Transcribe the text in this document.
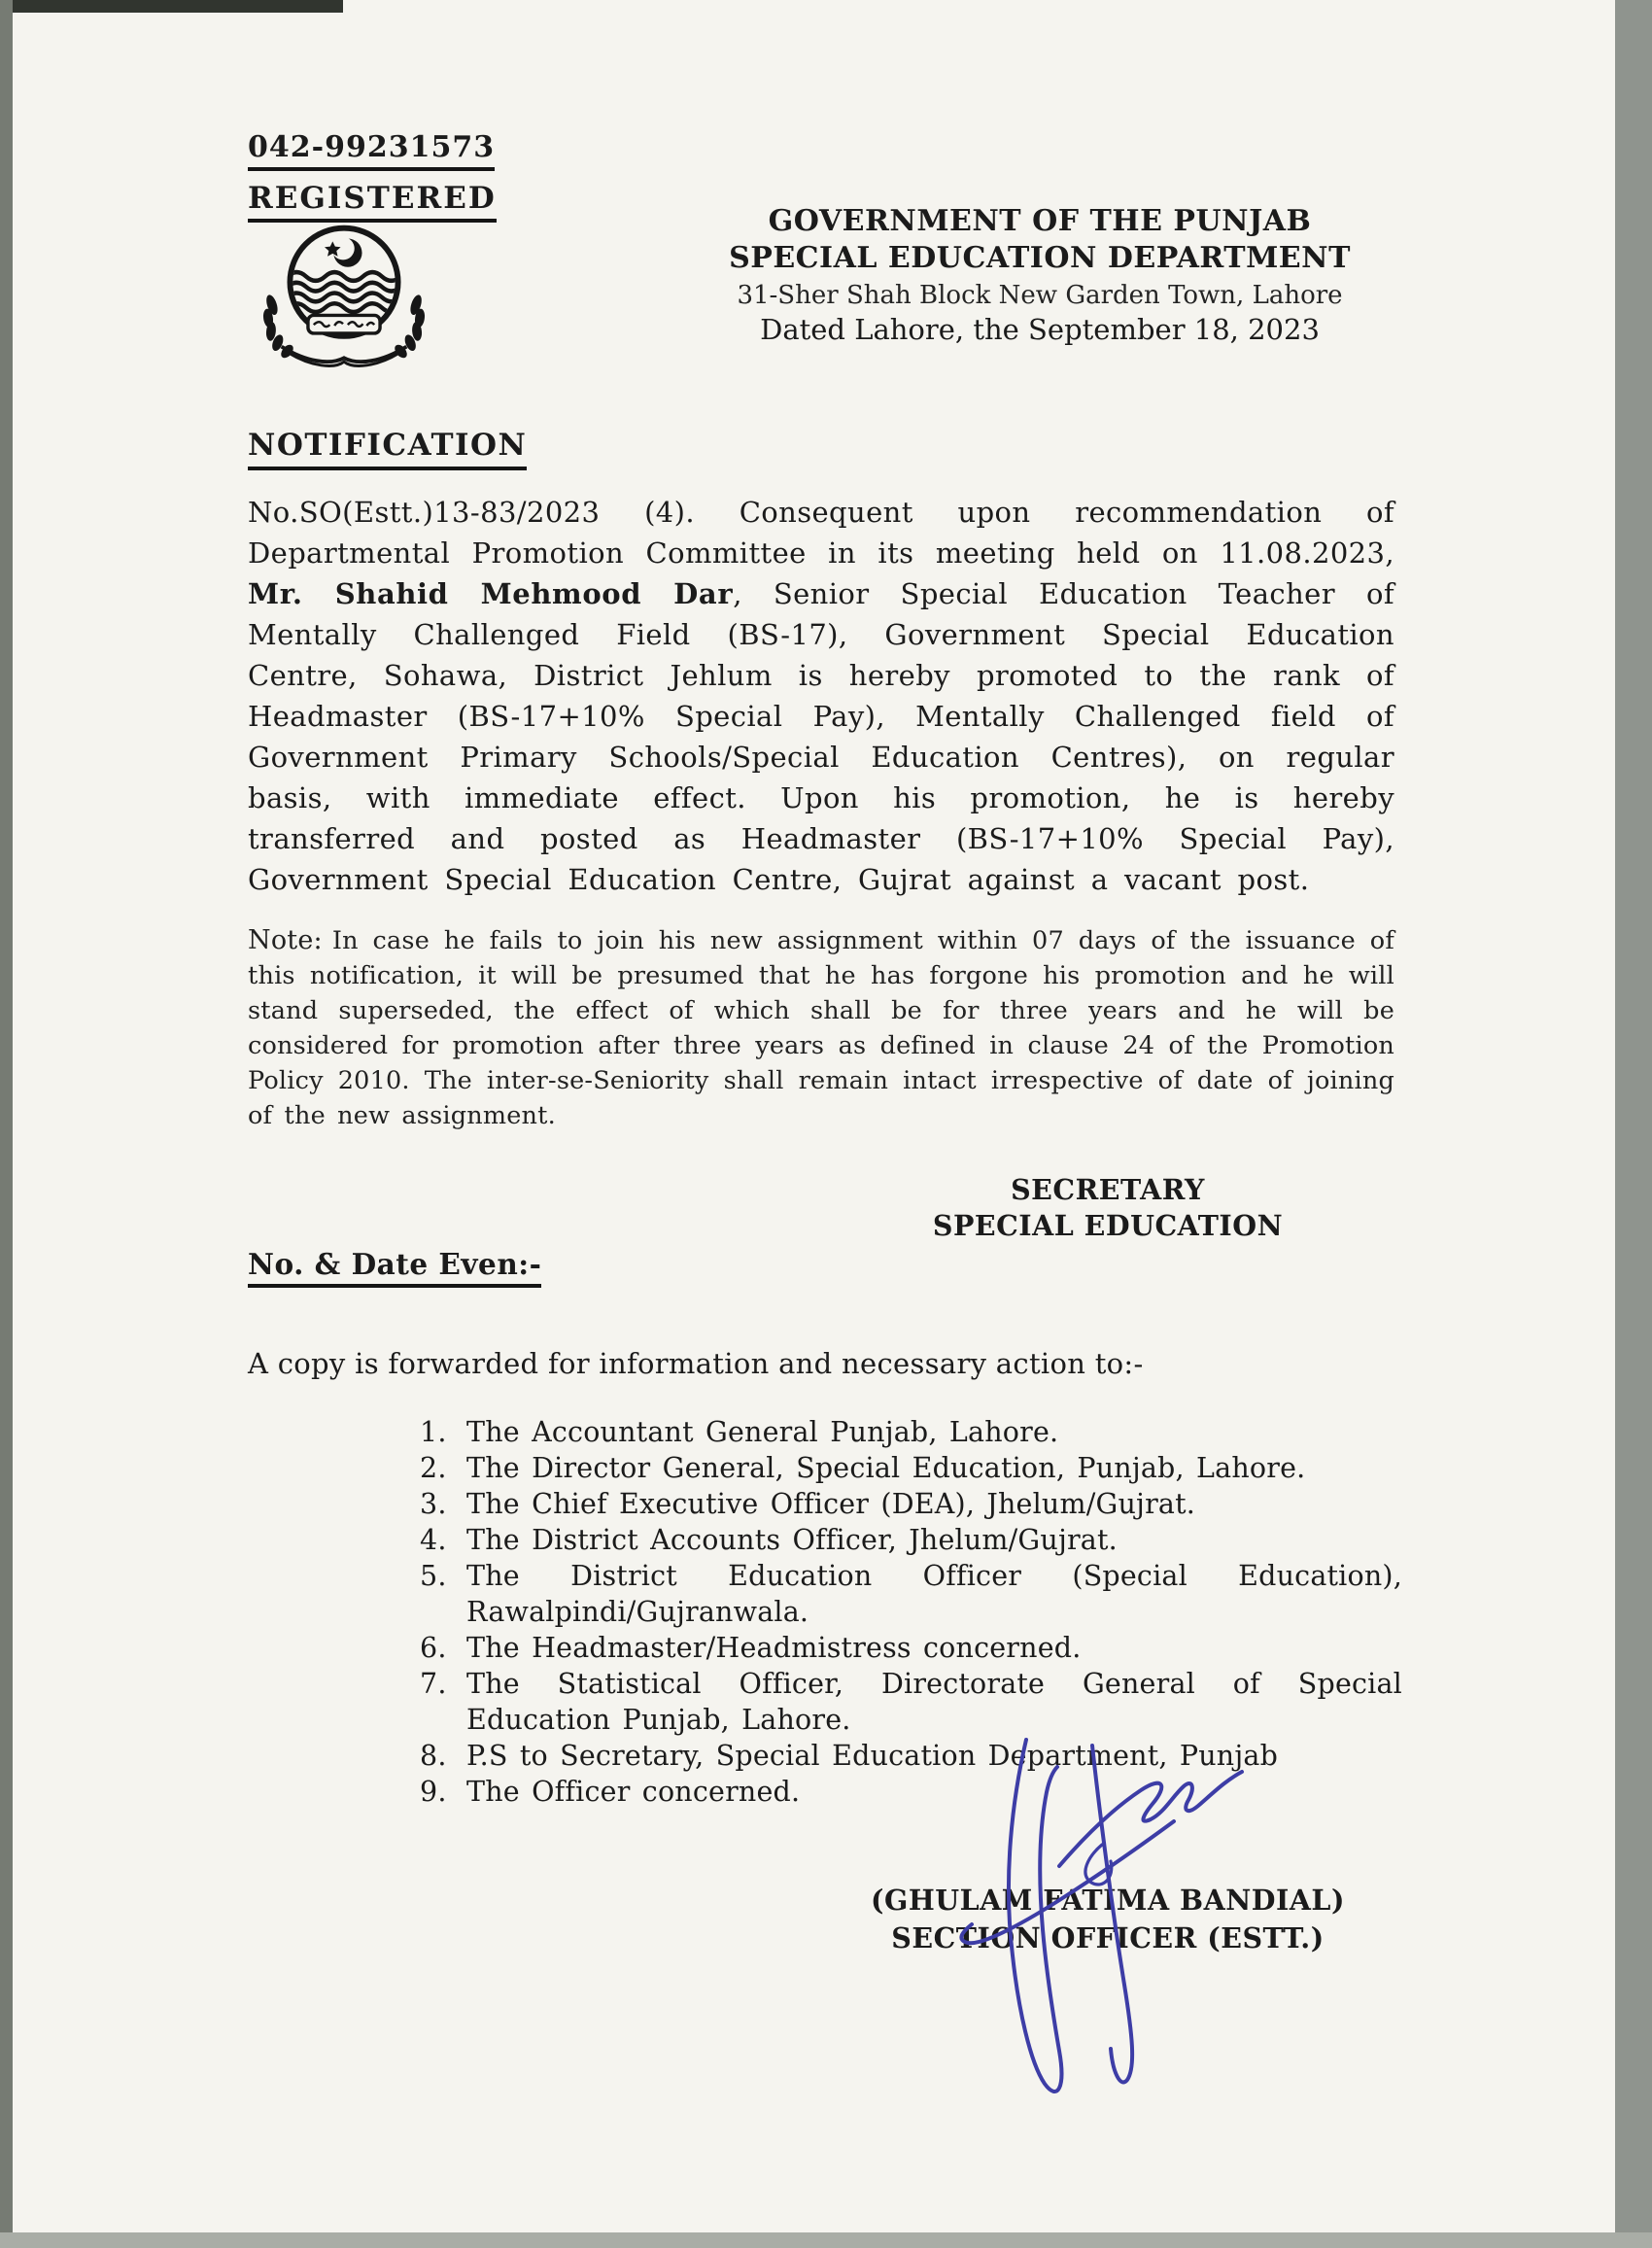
042-99231573
REGISTERED
GOVERNMENT OF THE PUNJAB
SPECIAL EDUCATION DEPARTMENT
31-Sher Shah Block New Garden Town, Lahore
Dated Lahore, the September 18, 2023
NOTIFICATION
No.SO(Estt.)13-83/2023 (4). Consequent upon recommendation of Departmental Promotion Committee in its meeting held on 11.08.2023, Mr. Shahid Mehmood Dar, Senior Special Education Teacher of Mentally Challenged Field (BS-17), Government Special Education Centre, Sohawa, District Jehlum is hereby promoted to the rank of Headmaster (BS-17+10% Special Pay), Mentally Challenged field of Government Primary Schools/Special Education Centres), on regular basis, with immediate effect. Upon his promotion, he is hereby transferred and posted as Headmaster (BS-17+10% Special Pay), Government Special Education Centre, Gujrat against a vacant post.
Note: In case he fails to join his new assignment within 07 days of the issuance of this notification, it will be presumed that he has forgone his promotion and he will stand superseded, the effect of which shall be for three years and he will be considered for promotion after three years as defined in clause 24 of the Promotion Policy 2010. The inter-se-Seniority shall remain intact irrespective of date of joining of the new assignment.
SECRETARY
SPECIAL EDUCATION
No. & Date Even:-
A copy is forwarded for information and necessary action to:-
The Accountant General Punjab, Lahore.
The Director General, Special Education, Punjab, Lahore.
The Chief Executive Officer (DEA), Jhelum/Gujrat.
The District Accounts Officer, Jhelum/Gujrat.
The District Education Officer (Special Education), Rawalpindi/Gujranwala.
The Headmaster/Headmistress concerned.
The Statistical Officer, Directorate General of Special Education Punjab, Lahore.
P.S to Secretary, Special Education Department, Punjab
The Officer concerned.
(GHULAM FATIMA BANDIAL)
SECTION OFFICER (ESTT.)
